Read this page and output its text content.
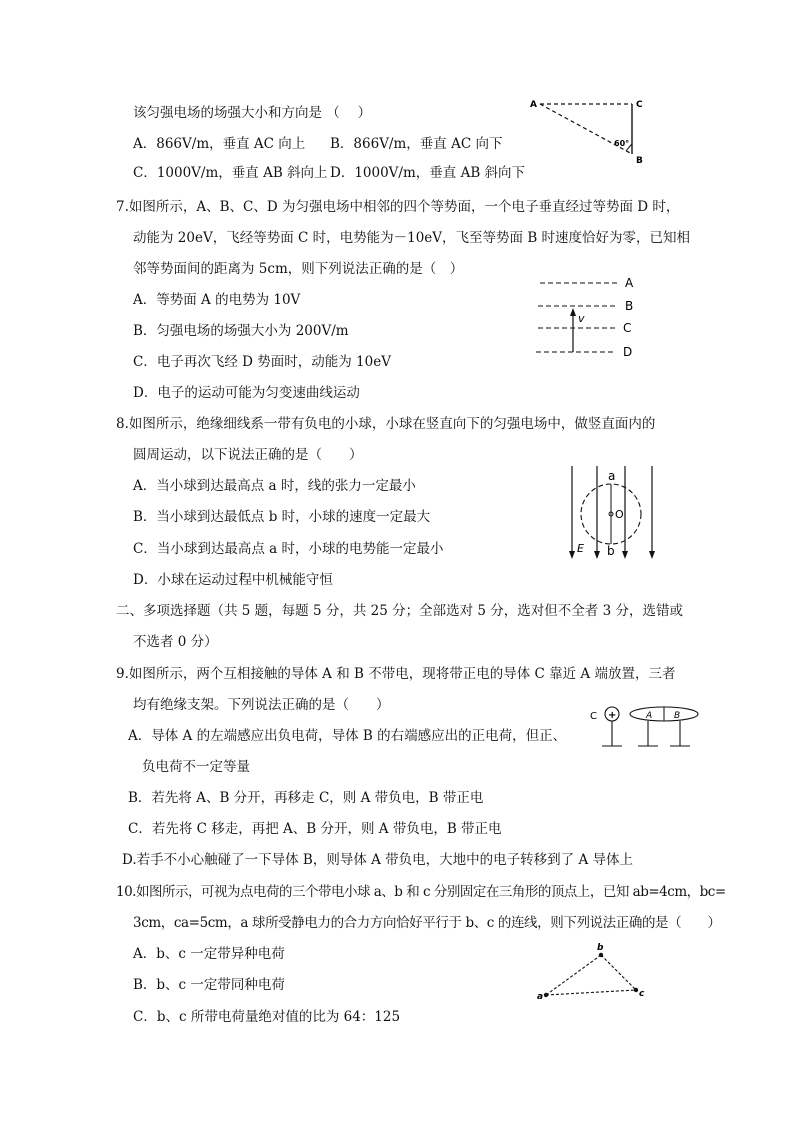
该匀强电场的场强大小和方向是 （　 ）
A．866V/m，垂直 AC 向上 B．866V/m，垂直 AC 向下
C．1000V/m，垂直 AB 斜向上 D．1000V/m，垂直 AB 斜向下
A	C
B
60°
7.如图所示，A、B、C、D 为匀强电场中相邻的四个等势面，一个电子垂直经过等势面 D 时，
动能为 20eV，飞经等势面 C 时，电势能为－10eV，飞至等势面 B 时速度恰好为零，已知相
邻等势面间的距离为 5cm，则下列说法正确的是（　）
A．等势面 A 的电势为 10V
B．匀强电场的场强大小为 200V/m
C．电子再次飞经 D 势面时，动能为 10eV
D．电子的运动可能为匀变速曲线运动
v
A
B
C
D
8.如图所示，绝缘细线系一带有负电的小球，小球在竖直向下的匀强电场中，做竖直面内的
圆周运动，以下说法正确的是（　　）
A．当小球到达最高点 a 时，线的张力一定最小
B．当小球到达最低点 b 时，小球的速度一定最大
C．当小球到达最高点 a 时，小球的电势能一定最小
D．小球在运动过程中机械能守恒
a
O
b
E
二、多项选择题（共 5 题，每题 5 分，共 25 分；全部选对 5 分，选对但不全者 3 分，选错或
不选者 0 分）
9.如图所示，两个互相接触的导体 A 和 B 不带电，现将带正电的导体 C 靠近 A 端放置，三者
均有绝缘支架。下列说法正确的是（　　）
A．导体 A 的左端感应出负电荷，导体 B 的右端感应出的正电荷，但正、
负电荷不一定等量
B．若先将 A、B 分开，再移走 C，则 A 带负电，B 带正电
C．若先将 C 移走，再把 A、B 分开，则 A 带负电，B 带正电
D.若手不小心触碰了一下导体 B，则导体 A 带负电，大地中的电子转移到了 A 导体上
C +	A B
10.如图所示，可视为点电荷的三个带电小球 a、b 和 c 分别固定在三角形的顶点上，已知 ab=4cm，bc=
3cm，ca=5cm，a 球所受静电力的合力方向恰好平行于 b、c 的连线，则下列说法正确的是（　　）
A．b、c 一定带异种电荷
B．b、c 一定带同种电荷
C．b、c 所带电荷量绝对值的比为 64：125
a
b
c
